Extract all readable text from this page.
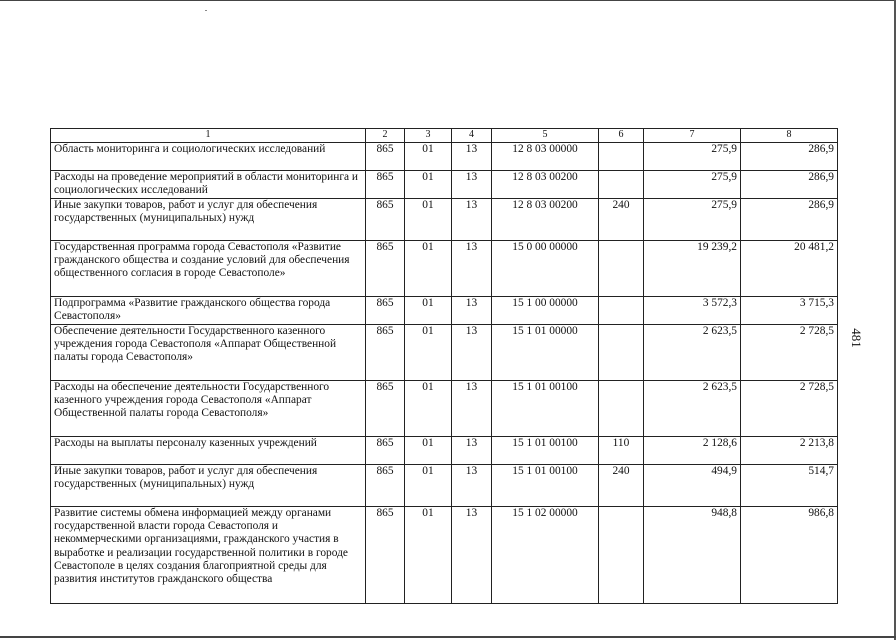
1	2	3	4	5	6	7	8
Область мониторинга и социологических исследований	865	01	13	12 8 03 00000		275,9	286,9
Расходы на проведение мероприятий в области мониторинга и социологических исследований	865	01	13	12 8 03 00200		275,9	286,9
Иные закупки товаров, работ и услуг для обеспечения государственных (муниципальных) нужд	865	01	13	12 8 03 00200	240	275,9	286,9
Государственная программа города Севастополя «Развитие гражданского общества и создание условий для обеспечения общественного согласия в городе Севастополе»	865	01	13	15 0 00 00000		19 239,2	20 481,2
Подпрограмма «Развитие гражданского общества города Севастополя»	865	01	13	15 1 00 00000		3 572,3	3 715,3
Обеспечение деятельности Государственного казенного учреждения города Севастополя «Аппарат Общественной палаты города Севастополя»	865	01	13	15 1 01 00000		2 623,5	2 728,5
Расходы на обеспечение деятельности Государственного казенного учреждения города Севастополя «Аппарат Общественной палаты города Севастополя»	865	01	13	15 1 01 00100		2 623,5	2 728,5
Расходы на выплаты персоналу казенных учреждений	865	01	13	15 1 01 00100	110	2 128,6	2 213,8
Иные закупки товаров, работ и услуг для обеспечения государственных (муниципальных) нужд	865	01	13	15 1 01 00100	240	494,9	514,7
Развитие системы обмена информацией между органами государственной власти города Севастополя и некоммерческими организациями, гражданского участия в выработке и реализации государственной политики в городе Севастополе в целях создания благоприятной среды для развития институтов гражданского общества	865	01	13	15 1 02 00000		948,8	986,8
481
